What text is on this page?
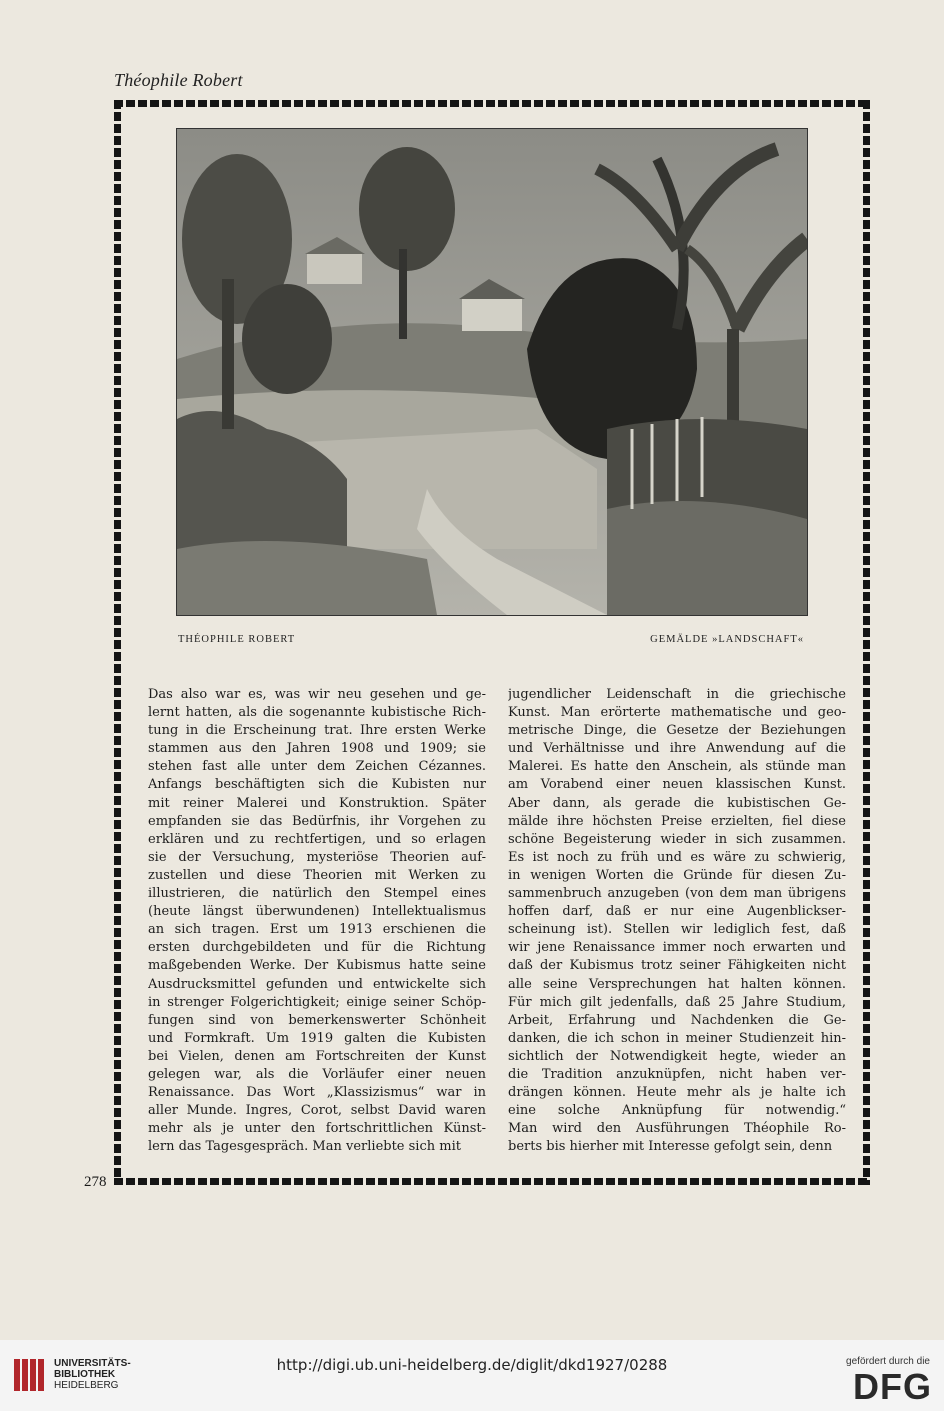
Théophile Robert
THÉOPHILE ROBERT	GEMÄLDE »LANDSCHAFT«
Das also war es, was wir neu gesehen und ge-
lernt hatten, als die sogenannte kubistische Rich-
tung in die Erscheinung trat. Ihre ersten Werke
stammen aus den Jahren 1908 und 1909; sie
stehen fast alle unter dem Zeichen Cézannes.
Anfangs beschäftigten sich die Kubisten nur
mit reiner Malerei und Konstruktion. Später
empfanden sie das Bedürfnis, ihr Vorgehen zu
erklären und zu rechtfertigen, und so erlagen
sie der Versuchung, mysteriöse Theorien auf-
zustellen und diese Theorien mit Werken zu
illustrieren, die natürlich den Stempel eines
(heute längst überwundenen) Intellektualismus
an sich tragen. Erst um 1913 erschienen die
ersten durchgebildeten und für die Richtung
maßgebenden Werke. Der Kubismus hatte seine
Ausdrucksmittel gefunden und entwickelte sich
in strenger Folgerichtigkeit; einige seiner Schöp-
fungen sind von bemerkenswerter Schönheit
und Formkraft. Um 1919 galten die Kubisten
bei Vielen, denen am Fortschreiten der Kunst
gelegen war, als die Vorläufer einer neuen
Renaissance. Das Wort „Klassizismus“ war in
aller Munde. Ingres, Corot, selbst David waren
mehr als je unter den fortschrittlichen Künst-
lern das Tagesgespräch. Man verliebte sich mit
jugendlicher Leidenschaft in die griechische
Kunst. Man erörterte mathematische und geo-
metrische Dinge, die Gesetze der Beziehungen
und Verhältnisse und ihre Anwendung auf die
Malerei. Es hatte den Anschein, als stünde man
am Vorabend einer neuen klassischen Kunst.
Aber dann, als gerade die kubistischen Ge-
mälde ihre höchsten Preise erzielten, fiel diese
schöne Begeisterung wieder in sich zusammen.
Es ist noch zu früh und es wäre zu schwierig,
in wenigen Worten die Gründe für diesen Zu-
sammenbruch anzugeben (von dem man übrigens
hoffen darf, daß er nur eine Augenblickser-
scheinung ist). Stellen wir lediglich fest, daß
wir jene Renaissance immer noch erwarten und
daß der Kubismus trotz seiner Fähigkeiten nicht
alle seine Versprechungen hat halten können.
Für mich gilt jedenfalls, daß 25 Jahre Studium,
Arbeit, Erfahrung und Nachdenken die Ge-
danken, die ich schon in meiner Studienzeit hin-
sichtlich der Notwendigkeit hegte, wieder an
die Tradition anzuknüpfen, nicht haben ver-
drängen können. Heute mehr als je halte ich
eine solche Anknüpfung für notwendig.“
Man wird den Ausführungen Théophile Ro-
berts bis hierher mit Interesse gefolgt sein, denn
278
UNIVERSITÄTS-
BIBLIOTHEK
HEIDELBERG
http://digi.ub.uni-heidelberg.de/diglit/dkd1927/0288	gefördert durch die
DFG
